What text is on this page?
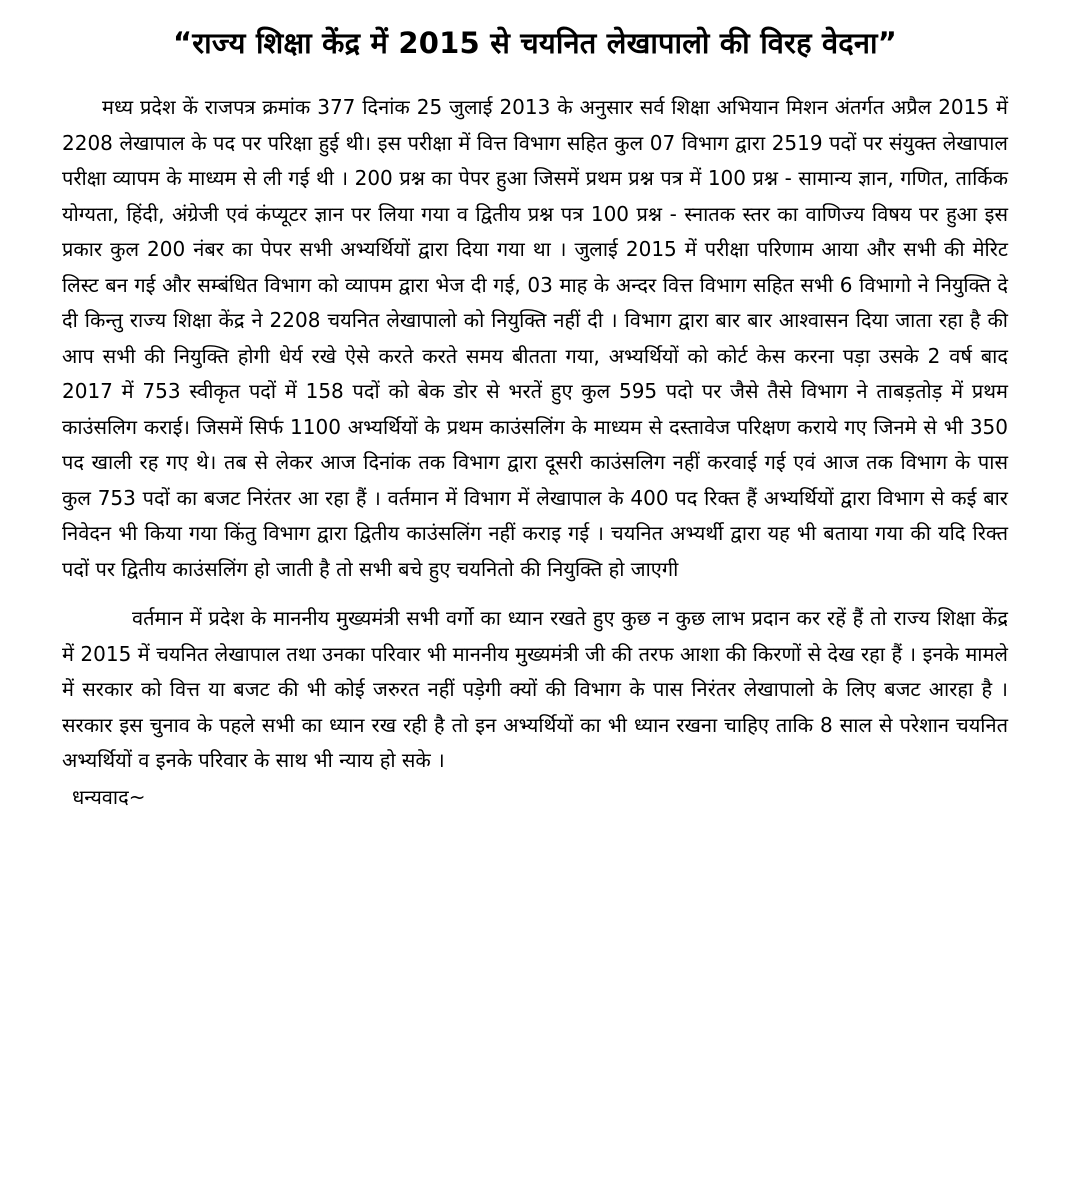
“राज्य शिक्षा केंद्र में 2015 से चयनित लेखापालो की विरह वेदना”

मध्य प्रदेश कें राजपत्र क्रमांक 377 दिनांक 25 जुलाई 2013 के अनुसार सर्व शिक्षा अभियान मिशन अंतर्गत अप्रैल 2015 में 2208 लेखापाल के पद पर परिक्षा हुई थी। इस परीक्षा में वित्त विभाग सहित कुल 07 विभाग द्वारा 2519 पदों पर संयुक्त लेखापाल परीक्षा व्यापम के माध्यम से ली गई थी । 200 प्रश्न का पेपर हुआ जिसमें प्रथम प्रश्न पत्र में 100 प्रश्न - सामान्य ज्ञान, गणित, तार्किक योग्यता, हिंदी, अंग्रेजी एवं कंप्यूटर ज्ञान पर लिया गया व द्वितीय प्रश्न पत्र 100 प्रश्न - स्नातक स्तर का वाणिज्य विषय पर हुआ इस प्रकार कुल 200 नंबर का पेपर सभी अभ्यर्थियों द्वारा दिया गया था । जुलाई 2015 में परीक्षा परिणाम आया और सभी की मेरिट लिस्ट बन गई और सम्बंधित विभाग को व्यापम द्वारा भेज दी गई, 03 माह के अन्दर वित्त विभाग सहित सभी 6 विभागो ने नियुक्ति दे दी किन्तु राज्य शिक्षा केंद्र ने 2208 चयनित लेखापालो को नियुक्ति नहीं दी । विभाग द्वारा बार बार आश्वासन दिया जाता रहा है की आप सभी की नियुक्ति होगी धेर्य रखे ऐसे करते करते समय बीतता गया, अभ्यर्थियों को कोर्ट केस करना पड़ा उसके 2 वर्ष बाद 2017 में 753 स्वीकृत पदों में 158 पदों को बेक डोर से भरतें हुए कुल 595 पदो पर जैसे तैसे विभाग ने ताबड़तोड़ में प्रथम काउंसलिग कराई। जिसमें सिर्फ 1100 अभ्यर्थियों के प्रथम काउंसलिंग के माध्यम से दस्तावेज परिक्षण कराये गए जिनमे से भी 350 पद खाली रह गए थे। तब से लेकर आज दिनांक तक विभाग द्वारा दूसरी काउंसलिग नहीं करवाई गई एवं आज तक विभाग के पास कुल 753 पदों का बजट निरंतर आ रहा हैं । वर्तमान में विभाग में लेखापाल के 400 पद रिक्त हैं अभ्यर्थियों द्वारा विभाग से कई बार निवेदन भी किया गया किंतु विभाग द्वारा द्वितीय काउंसलिंग नहीं कराइ गई । चयनित अभ्यर्थी द्वारा यह भी बताया गया की यदि रिक्त पदों पर द्वितीय काउंसलिंग हो जाती है तो सभी बचे हुए चयनितो की नियुक्ति हो जाएगी

वर्तमान में प्रदेश के माननीय मुख्यमंत्री सभी वर्गो का ध्यान रखते हुए कुछ न कुछ लाभ प्रदान कर रहें हैं तो राज्य शिक्षा केंद्र में 2015 में चयनित लेखापाल तथा उनका परिवार भी माननीय मुख्यमंत्री जी की तरफ आशा की किरणों से देख रहा हैं । इनके मामले में सरकार को वित्त या बजट की भी कोई जरुरत नहीं पड़ेगी क्यों की विभाग के पास निरंतर लेखापालो के लिए बजट आरहा है । सरकार इस चुनाव के पहले सभी का ध्यान रख रही है तो इन अभ्यर्थियों का भी ध्यान रखना चाहिए ताकि 8 साल से परेशान चयनित अभ्यर्थियों व इनके परिवार के साथ भी न्याय हो सके ।

धन्यवाद~
